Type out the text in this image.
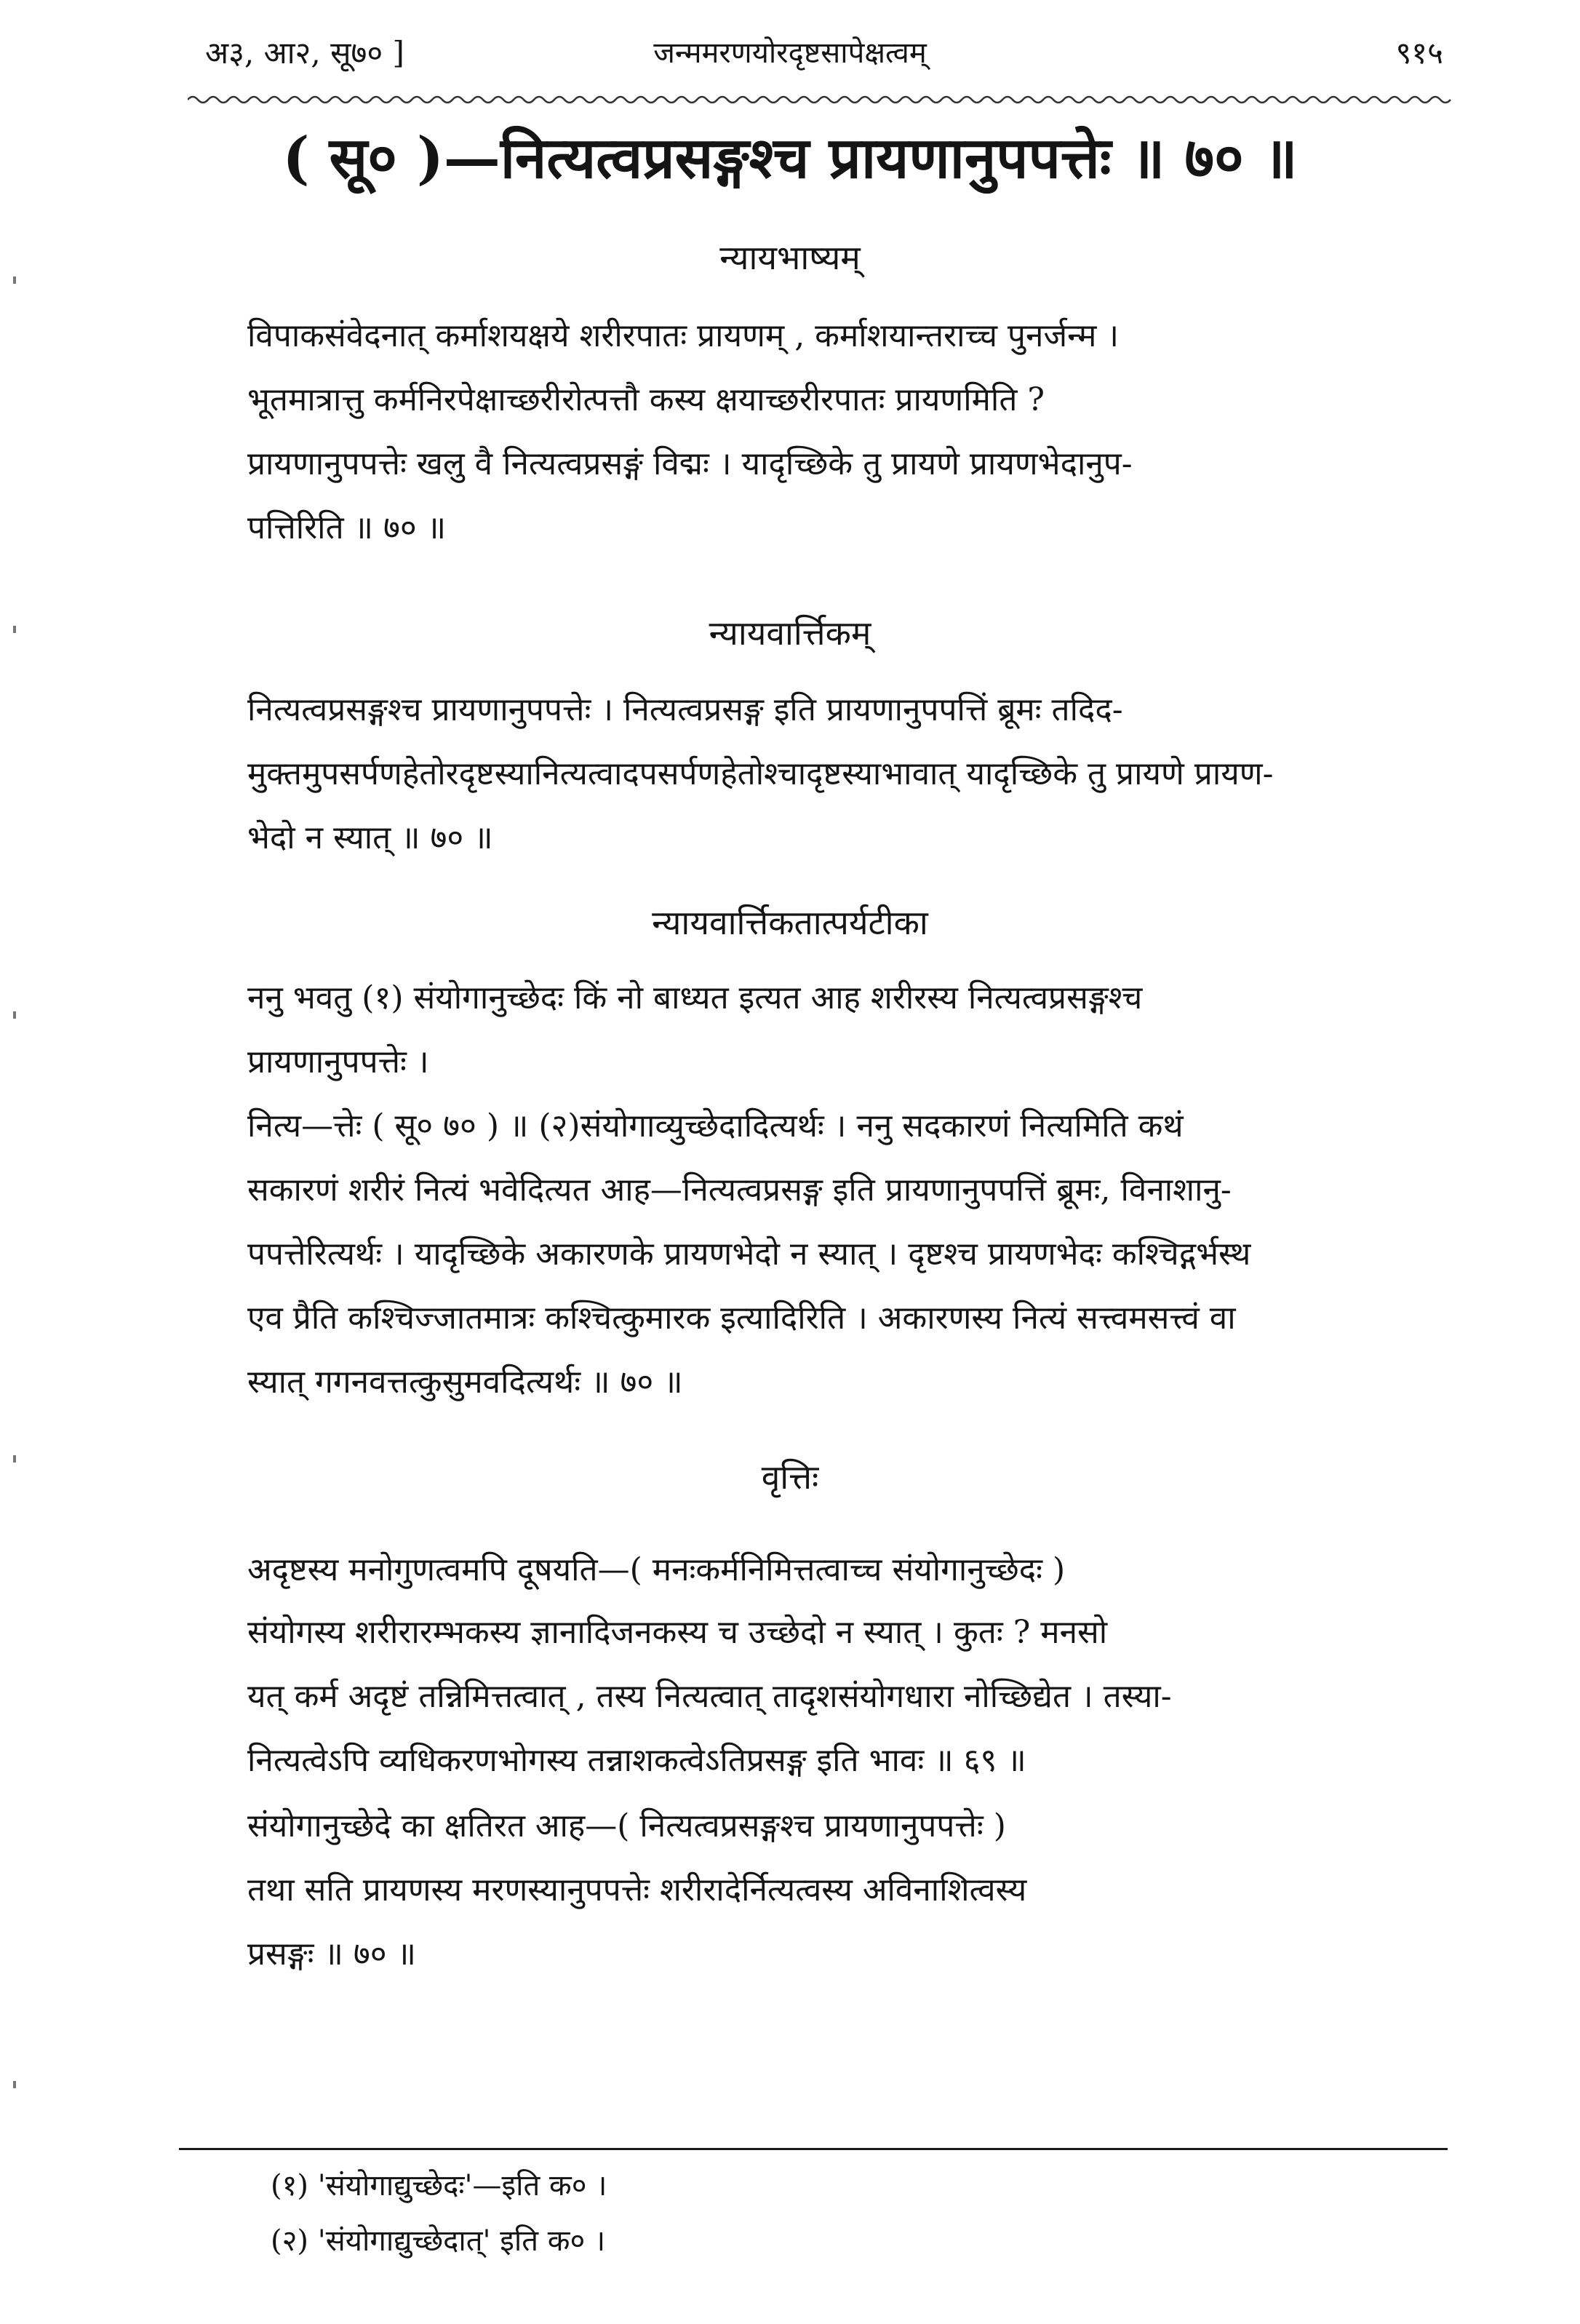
अ३, आ२, सू७० ]	जन्ममरणयोरदृष्टसापेक्षत्वम्	९१५
( सू० )—नित्यत्वप्रसङ्गश्च प्रायणानुपपत्तेः ॥ ७० ॥
न्यायभाष्यम्
विपाकसंवेदनात् कर्माशयक्षये शरीरपातः प्रायणम् , कर्माशयान्तराच्च पुनर्जन्म ।
भूतमात्रात्तु कर्मनिरपेक्षाच्छरीरोत्पत्तौ कस्य क्षयाच्छरीरपातः प्रायणमिति ?
प्रायणानुपपत्तेः खलु वै नित्यत्वप्रसङ्गं विद्मः । यादृच्छिके तु प्रायणे प्रायणभेदानुप-
पत्तिरिति ॥ ७० ॥
न्यायवार्त्तिकम्
नित्यत्वप्रसङ्गश्च प्रायणानुपपत्तेः । नित्यत्वप्रसङ्ग इति प्रायणानुपपत्तिं ब्रूमः तदिद-
मुक्तमुपसर्पणहेतोरदृष्टस्यानित्यत्वादपसर्पणहेतोश्चादृष्टस्याभावात् यादृच्छिके तु प्रायणे प्रायण-
भेदो न स्यात् ॥ ७० ॥
न्यायवार्त्तिकतात्पर्यटीका
ननु भवतु (१) संयोगानुच्छेदः किं नो बाध्यत इत्यत आह शरीरस्य नित्यत्वप्रसङ्गश्च
प्रायणानुपपत्तेः ।
नित्य—त्तेः ( सू० ७० ) ॥ (२)संयोगाव्युच्छेदादित्यर्थः । ननु सदकारणं नित्यमिति कथं
सकारणं शरीरं नित्यं भवेदित्यत आह—नित्यत्वप्रसङ्ग इति प्रायणानुपपत्तिं ब्रूमः, विनाशानु-
पपत्तेरित्यर्थः । यादृच्छिके अकारणके प्रायणभेदो न स्यात् । दृष्टश्च प्रायणभेदः कश्चिद्गर्भस्थ
एव प्रैति कश्चिज्जातमात्रः कश्चित्कुमारक इत्यादिरिति । अकारणस्य नित्यं सत्त्वमसत्त्वं वा
स्यात् गगनवत्तत्कुसुमवदित्यर्थः ॥ ७० ॥
वृत्तिः
अदृष्टस्य मनोगुणत्वमपि दूषयति—( मनःकर्मनिमित्तत्वाच्च संयोगानुच्छेदः )
संयोगस्य शरीरारम्भकस्य ज्ञानादिजनकस्य च उच्छेदो न स्यात् । कुतः ? मनसो
यत् कर्म अदृष्टं तन्निमित्तत्वात् , तस्य नित्यत्वात् तादृशसंयोगधारा नोच्छिद्येत । तस्या-
नित्यत्वेऽपि व्यधिकरणभोगस्य तन्नाशकत्वेऽतिप्रसङ्ग इति भावः ॥ ६९ ॥
संयोगानुच्छेदे का क्षतिरत आह—( नित्यत्वप्रसङ्गश्च प्रायणानुपपत्तेः )
तथा सति प्रायणस्य मरणस्यानुपपत्तेः शरीरादेर्नित्यत्वस्य अविनाशित्वस्य
प्रसङ्गः ॥ ७० ॥
(१) 'संयोगाद्युच्छेदः'—इति क० ।
(२) 'संयोगाद्युच्छेदात्' इति क० ।
